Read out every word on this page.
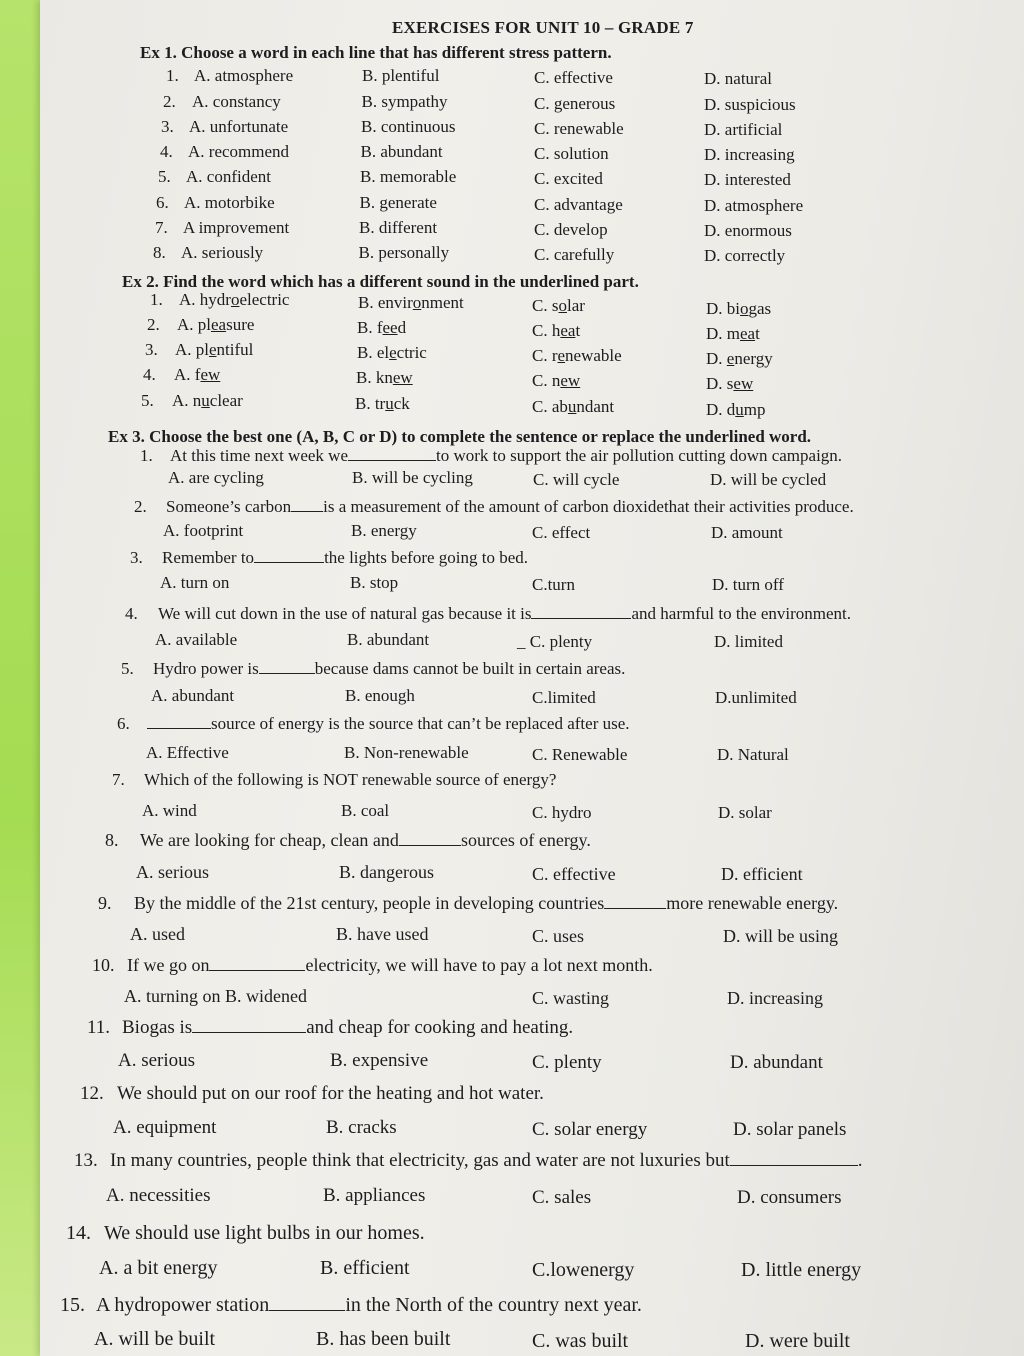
EXERCISES FOR UNIT 10 – GRADE 7
Ex 1. Choose a word in each line that has different stress pattern.
1. A. atmosphere	B. plentiful	C. effective	D. natural
2. A. constancy	B. sympathy	C. generous	D. suspicious
3. A. unfortunate	B. continuous	C. renewable	D. artificial
4. A. recommend	B. abundant	C. solution	D. increasing
5. A. confident	B. memorable	C. excited	D. interested
6. A. motorbike	B. generate	C. advantage	D. atmosphere
7. A improvement	B. different	C. develop	D. enormous
8. A. seriously	B. personally	C. carefully	D. correctly
Ex 2. Find the word which has a different sound in the underlined part.
1. A. hydroelectric	B. environment	C. solar	D. biogas
2. A. pleasure	B. feed	C. heat	D. meat
3. A. plentiful	B. electric	C. renewable	D. energy
4. A. few	B. knew	C. new	D. sew
5. A. nuclear	B. truck	C. abundant	D. dump
Ex 3. Choose the best one (A, B, C or D) to complete the sentence or replace the underlined word.
1. At this time next week we	to work to support the air pollution cutting down campaign.
A. are cycling	B. will be cycling	C. will cycle	D. will be cycled
2. Someone’s carbon is a measurement of the amount of carbon dioxidethat their activities produce.
A. footprint	B. energy	C. effect	D. amount
3. Remember to	the lights before going to bed.
A. turn on	B. stop	C.turn	D. turn off
4. We will cut down in the use of natural gas because it is	and harmful to the environment.
A. available	B. abundant	_ C. plenty	D. limited
5. Hydro power is	because dams cannot be built in certain areas.
A. abundant	B. enough	C.limited	D.unlimited
6.	source of energy is the source that can’t be replaced after use.
A. Effective	B. Non-renewable	C. Renewable	D. Natural
7. Which of the following is NOT renewable source of energy?
A. wind	B. coal	C. hydro	D. solar
8. We are looking for cheap, clean and	sources of energy.
A. serious	B. dangerous	C. effective	D. efficient
9. By the middle of the 21st century, people in developing countries	more renewable energy.
A. used	B. have used	C. uses	D. will be using
10. If we go on	electricity, we will have to pay a lot next month.
A. turning on B. widened	C. wasting	D. increasing
11. Biogas is	and cheap for cooking and heating.
A. serious	B. expensive	C. plenty	D. abundant
12. We should put on our roof for the heating and hot water.
A. equipment	B. cracks	C. solar energy	D. solar panels
13. In many countries, people think that electricity, gas and water are not luxuries but	.
A. necessities	B. appliances	C. sales	D. consumers
14. We should use light bulbs in our homes.
A. a bit energy	B. efficient	C.lowenergy	D. little energy
15. A hydropower station	in the North of the country next year.
A. will be built	B. has been built	C. was built	D. were built
